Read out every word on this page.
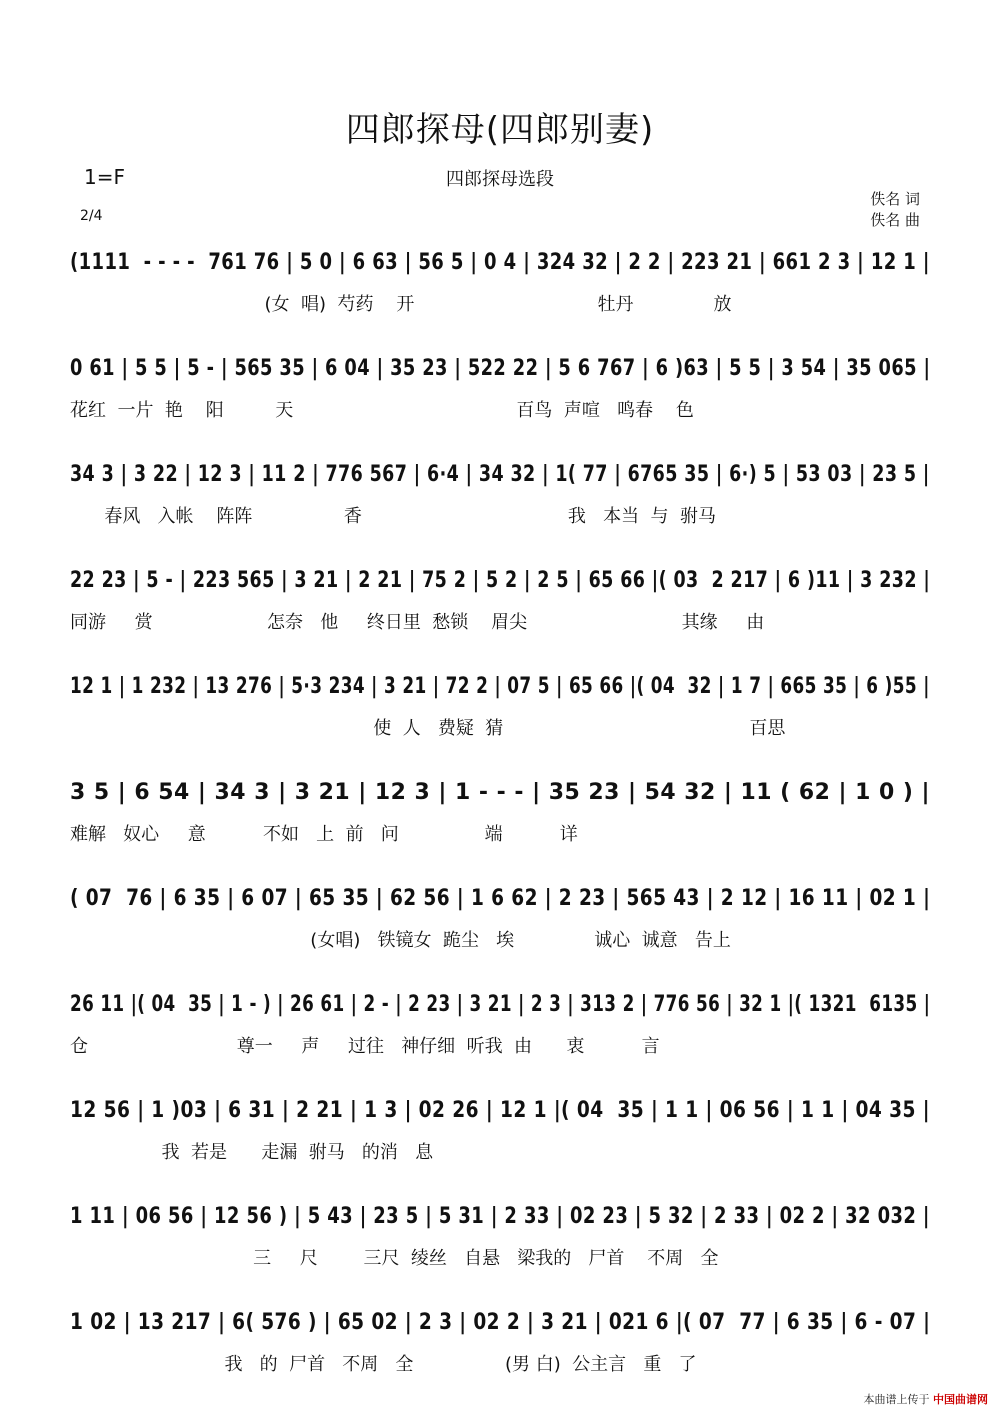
四郎探母(四郎别妻)
1=F	四郎探母选段
2/4
佚名 词
佚名 曲
(1111  - - - -  761 76 | 5 0 | 6 63 | 56 5 | 0 4 | 324 32 | 2 2 | 223 21 | 661 2 3 | 12 1 |
(女  唱)  芍药    开                                牡丹              放
0 61 | 5 5 | 5 - | 565 35 | 6 04 | 35 23 | 522 22 | 5 6 767 | 6 )63 | 5 5 | 3 54 | 35 065 |
花红  一片  艳    阳         天                                       百鸟  声喧   鸣春    色
34 3 | 3 22 | 12 3 | 11 2 | 776 567 | 6·4 | 34 32 | 1( 77 | 6765 35 | 6·) 5 | 53 03 | 23 5 |
春风   入帐    阵阵                香                                    我   本当  与  驸马
22 23 | 5 - | 223 565 | 3 21 | 2 21 | 75 2 | 5 2 | 2 5 | 65 66 |( 03  2 217 | 6 )11 | 3 232 |
同游     赏                    怎奈   他     终日里  愁锁    眉尖                           其缘     由
12 1 | 1 232 | 13 276 | 5·3 234 | 3 21 | 72 2 | 07 5 | 65 66 |( 04  32 | 1 7 | 665 35 | 6 )55 |
使  人   费疑  猜                                           百思
3 5 | 6 54 | 34 3 | 3 21 | 12 3 | 1 - - - | 35 23 | 54 32 | 11 ( 62 | 1 0 ) |
难解   奴心     意          不如   上  前   问               端          详
( 07  76 | 6 35 | 6 07 | 65 35 | 62 56 | 1 6 62 | 2 23 | 565 43 | 2 12 | 16 11 | 02 1 |
(女唱)   铁镜女  跪尘   埃              诚心  诚意   告上
26 11 |( 04  35 | 1 - ) | 26 61 | 2 - | 2 23 | 3 21 | 2 3 | 313 2 | 776 56 | 32 1 |( 1321  6135 |
仓                          尊一     声     过往   神仔细  听我  由      衷          言
12 56 | 1 )03 | 6 31 | 2 21 | 1 3 | 02 26 | 12 1 |( 04  35 | 1 1 | 06 56 | 1 1 | 04 35 |
我  若是      走漏  驸马   的消   息
1 11 | 06 56 | 12 56 ) | 5 43 | 23 5 | 5 31 | 2 33 | 02 23 | 5 32 | 2 33 | 02 2 | 32 032 |
三     尺        三尺  绫丝   自悬   梁我的   尸首    不周   全
1 02 | 13 217 | 6( 576 ) | 65 02 | 2 3 | 02 2 | 3 21 | 021 6 |( 07  77 | 6 35 | 6 - 07 |
我   的  尸首   不周   全                (男 白)  公主言   重   了
本曲谱上传于 中国曲谱网
